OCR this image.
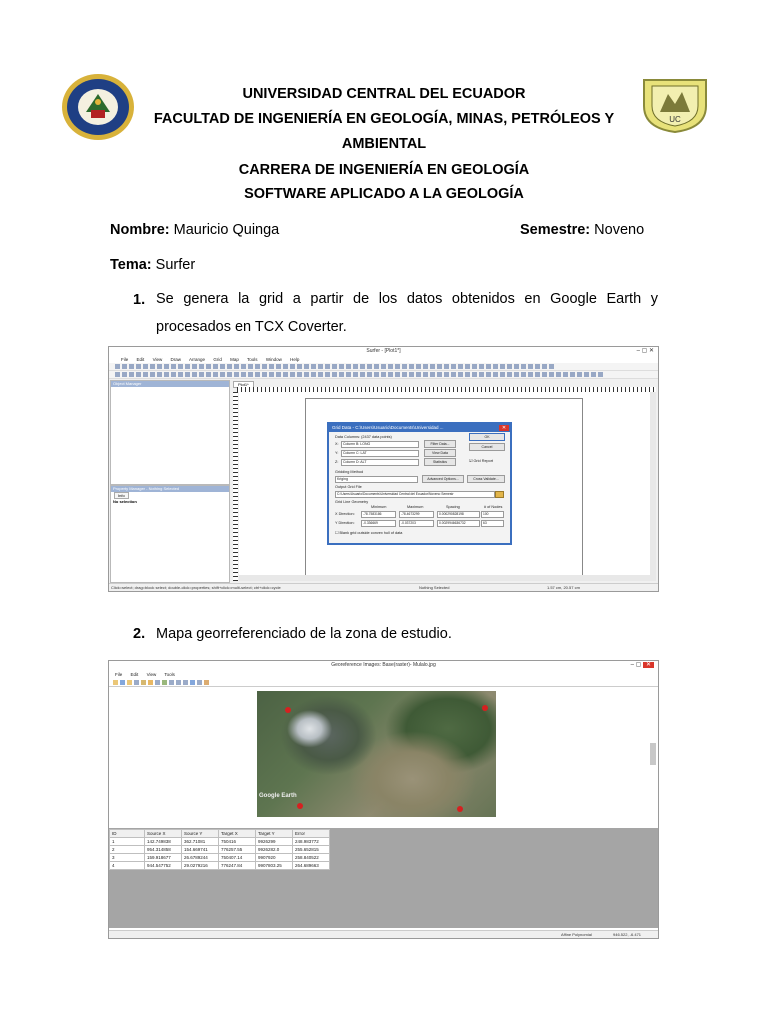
UC
UNIVERSIDAD CENTRAL DEL ECUADOR
FACULTAD DE INGENIERÍA EN GEOLOGÍA, MINAS, PETRÓLEOS Y
AMBIENTAL
CARRERA DE INGENIERÍA EN GEOLOGÍA
SOFTWARE APLICADO A LA GEOLOGÍA
Nombre: Mauricio Quinga	Semestre: Noveno
Tema: Surfer
1. Se genera la grid a partir de los datos obtenidos en Google Earth y procesados en TCX Coverter.
Surfer - [Plot1*]	– ▢ ✕
File Edit View Draw Arrange Grid Map Tools Window Help
Object Manager
Property Manager - Nothing Selected
Info
No selection
Plot1*
Grid Data - C:\Users\Usuario\Documents\Universidad ...	✕
Data Columns: (2437 data points)
X:	Column B: LONG
Y:	Column C: LAT
Z:	Column D: ALT
Filter Data...
View Data
Statistics
OK
Cancel
☑ Grid Report
Gridding Method
Kriging	Advanced Options...	Cross Validate...
Output Grid File
C:\Users\Usuario\Documents\Universidad Central del Ecuador\Noveno Semestr
Grid Line Geometry
Minimum	Maximum	Spacing	# of Nodes
X Direction:	-78.7583186	-78.4673299	0.000290828198	100
Y Direction:	-0.336669	-0.037203	0.0029946636732	63
☐ Blank grid outside convex hull of data
Click=select; drag=block select; double-click=properties; shift+click=multi-select; ctrl+click=cycle	Nothing Selected	1.57 cm, 20.57 cm
2. Mapa georreferenciado de la zona de estudio.
Georeference Images: Base(raster)- Mulalo.jpg	– ▢ ✕
File Edit View Tools
Google Earth
ID	Source X	Source Y	Target X	Target Y	Error
1	142.749838	362.71081	750416	9926299	248.983772
2	954.314858	154.669741	776257.55	9926282.0	255.652815
3	159.918677	26.6789244	750407.14	9907920	258.840522
4	944.547752	29.0279216	776247.84	9907803.25	264.689663
Affine Polynomial	946.522, -6.471
